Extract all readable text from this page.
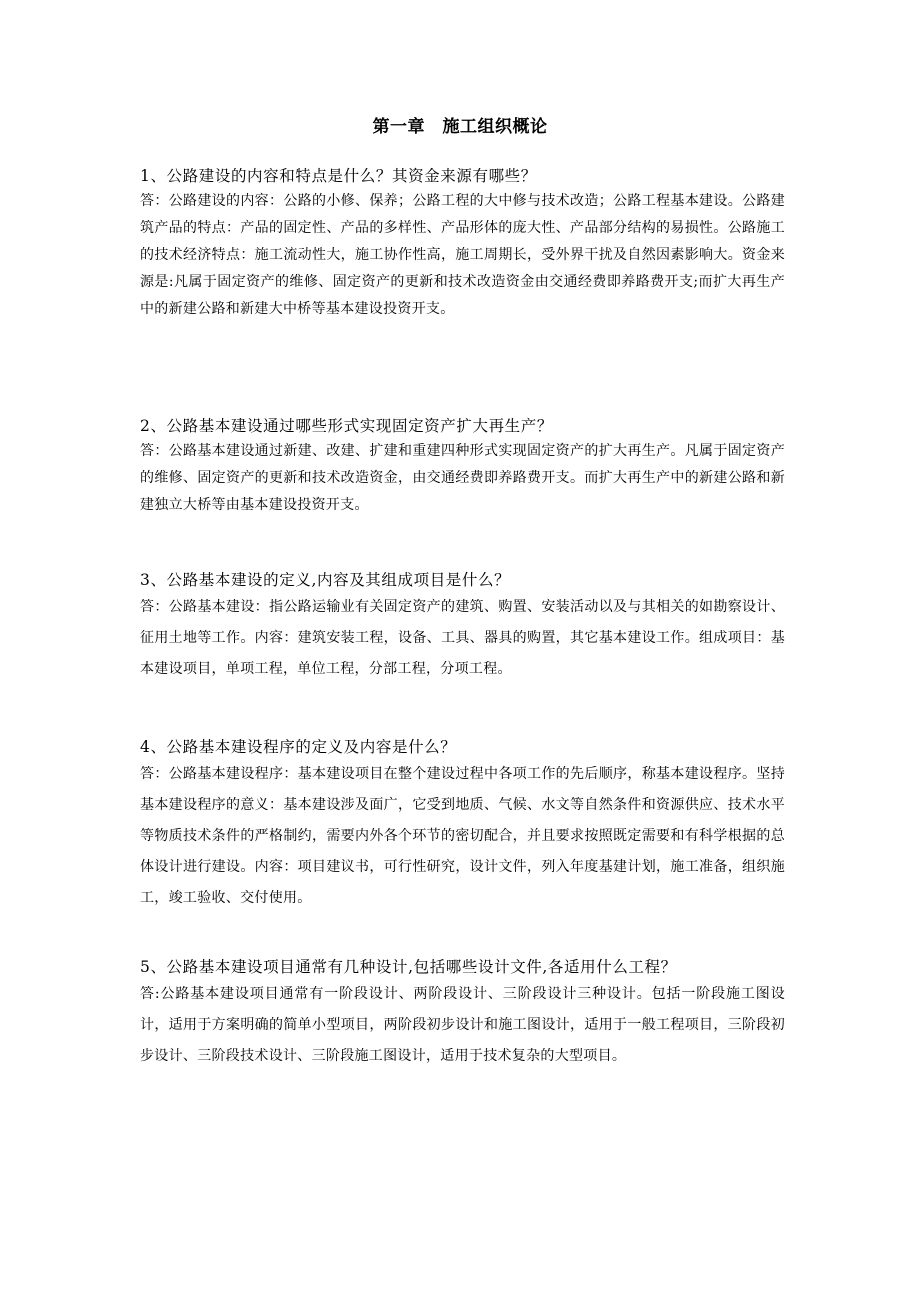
第一章　施工组织概论
1、公路建设的内容和特点是什么？其资金来源有哪些？
答：公路建设的内容：公路的小修、保养；公路工程的大中修与技术改造；公路工程基本建设。公路建筑产品的特点：产品的固定性、产品的多样性、产品形体的庞大性、产品部分结构的易损性。公路施工的技术经济特点：施工流动性大，施工协作性高，施工周期长，受外界干扰及自然因素影响大。资金来源是:凡属于固定资产的维修、固定资产的更新和技术改造资金由交通经费即养路费开支;而扩大再生产中的新建公路和新建大中桥等基本建设投资开支。
2、公路基本建设通过哪些形式实现固定资产扩大再生产？
答：公路基本建设通过新建、改建、扩建和重建四种形式实现固定资产的扩大再生产。凡属于固定资产的维修、固定资产的更新和技术改造资金，由交通经费即养路费开支。而扩大再生产中的新建公路和新建独立大桥等由基本建设投资开支。
3、公路基本建设的定义,内容及其组成项目是什么？
答：公路基本建设：指公路运输业有关固定资产的建筑、购置、安装活动以及与其相关的如勘察设计、征用土地等工作。内容：建筑安装工程，设备、工具、器具的购置，其它基本建设工作。组成项目：基本建设项目，单项工程，单位工程，分部工程，分项工程。
4、公路基本建设程序的定义及内容是什么？
答：公路基本建设程序：基本建设项目在整个建设过程中各项工作的先后顺序，称基本建设程序。坚持基本建设程序的意义：基本建设涉及面广，它受到地质、气候、水文等自然条件和资源供应、技术水平等物质技术条件的严格制约，需要内外各个环节的密切配合，并且要求按照既定需要和有科学根据的总体设计进行建设。内容：项目建议书，可行性研究，设计文件，列入年度基建计划，施工准备，组织施工，竣工验收、交付使用。
5、公路基本建设项目通常有几种设计,包括哪些设计文件,各适用什么工程？
答:公路基本建设项目通常有一阶段设计、两阶段设计、三阶段设计三种设计。包括一阶段施工图设计，适用于方案明确的简单小型项目，两阶段初步设计和施工图设计，适用于一般工程项目，三阶段初步设计、三阶段技术设计、三阶段施工图设计，适用于技术复杂的大型项目。
